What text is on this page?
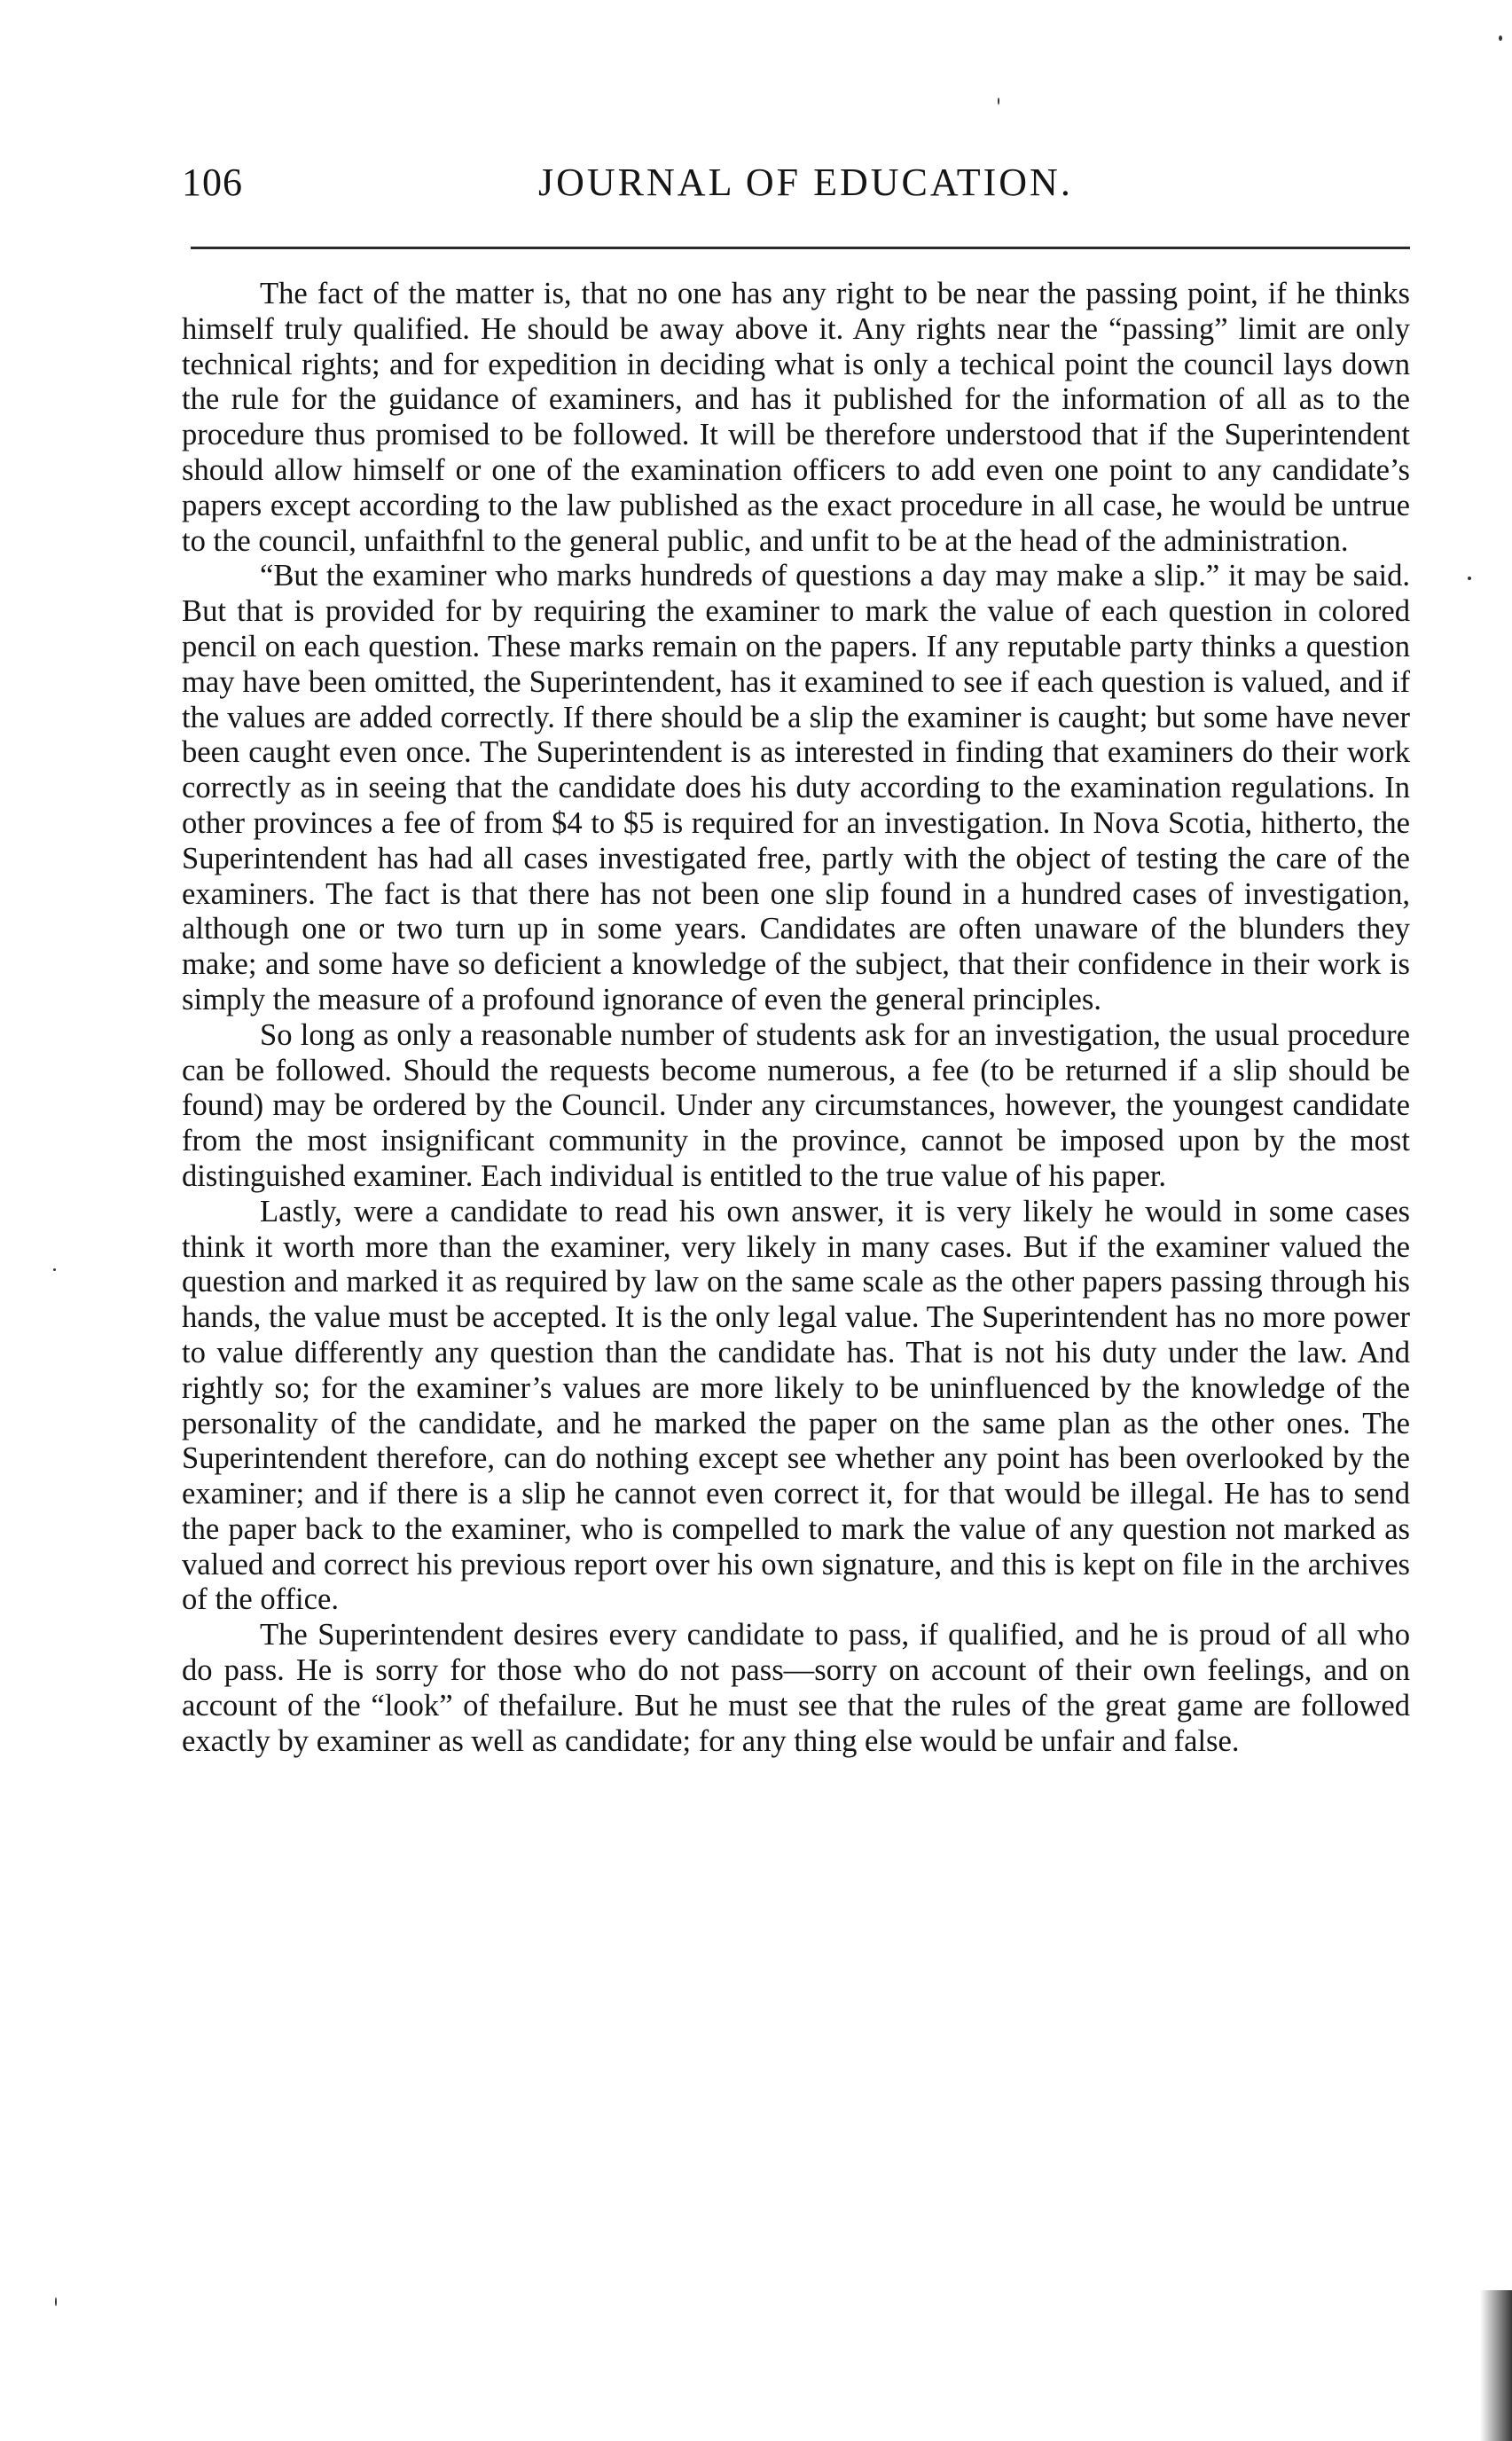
106	JOURNAL OF EDUCATION.

The fact of the matter is, that no one has any right to be near the passing point, if he thinks himself truly qualified. He should be away above it. Any rights near the “passing” limit are only technical rights; and for expedition in deciding what is only a techical point the council lays down the rule for the guidance of examiners, and has it published for the information of all as to the procedure thus promised to be followed. It will be therefore understood that if the Superintendent should allow himself or one of the examination officers to add even one point to any candidate’s papers except according to the law published as the exact procedure in all case, he would be untrue to the council, unfaithfnl to the general public, and unfit to be at the head of the administration.

“But the examiner who marks hundreds of questions a day may make a slip.” it may be said. But that is provided for by requiring the examiner to mark the value of each question in colored pencil on each question. These marks remain on the papers. If any reputable party thinks a question may have been omitted, the Superintendent, has it examined to see if each question is valued, and if the values are added correctly. If there should be a slip the examiner is caught; but some have never been caught even once. The Superintendent is as interested in finding that examiners do their work correctly as in seeing that the candidate does his duty according to the examination regulations. In other provinces a fee of from $4 to $5 is required for an investigation. In Nova Scotia, hitherto, the Superintendent has had all cases investigated free, partly with the object of testing the care of the examiners. The fact is that there has not been one slip found in a hundred cases of investigation, although one or two turn up in some years. Candidates are often unaware of the blunders they make; and some have so deficient a knowledge of the subject, that their confidence in their work is simply the measure of a profound ignorance of even the general principles.

So long as only a reasonable number of students ask for an investigation, the usual procedure can be followed. Should the requests become numerous, a fee (to be returned if a slip should be found) may be ordered by the Council. Under any circumstances, however, the youngest candidate from the most insignificant community in the province, cannot be imposed upon by the most distinguished examiner. Each individual is entitled to the true value of his paper.

Lastly, were a candidate to read his own answer, it is very likely he would in some cases think it worth more than the examiner, very likely in many cases. But if the examiner valued the question and marked it as required by law on the same scale as the other papers passing through his hands, the value must be accepted. It is the only legal value. The Superintendent has no more power to value differently any question than the candidate has. That is not his duty under the law. And rightly so; for the examiner’s values are more likely to be uninfluenced by the knowledge of the personality of the candidate, and he marked the paper on the same plan as the other ones. The Superintendent therefore, can do nothing except see whether any point has been overlooked by the examiner; and if there is a slip he cannot even correct it, for that would be illegal. He has to send the paper back to the examiner, who is compelled to mark the value of any question not marked as valued and correct his previous report over his own signature, and this is kept on file in the archives of the office.

The Superintendent desires every candidate to pass, if qualified, and he is proud of all who do pass. He is sorry for those who do not pass—sorry on account of their own feelings, and on account of the “look” of thefailure. But he must see that the rules of the great game are followed exactly by examiner as well as candidate; for any thing else would be unfair and false.
